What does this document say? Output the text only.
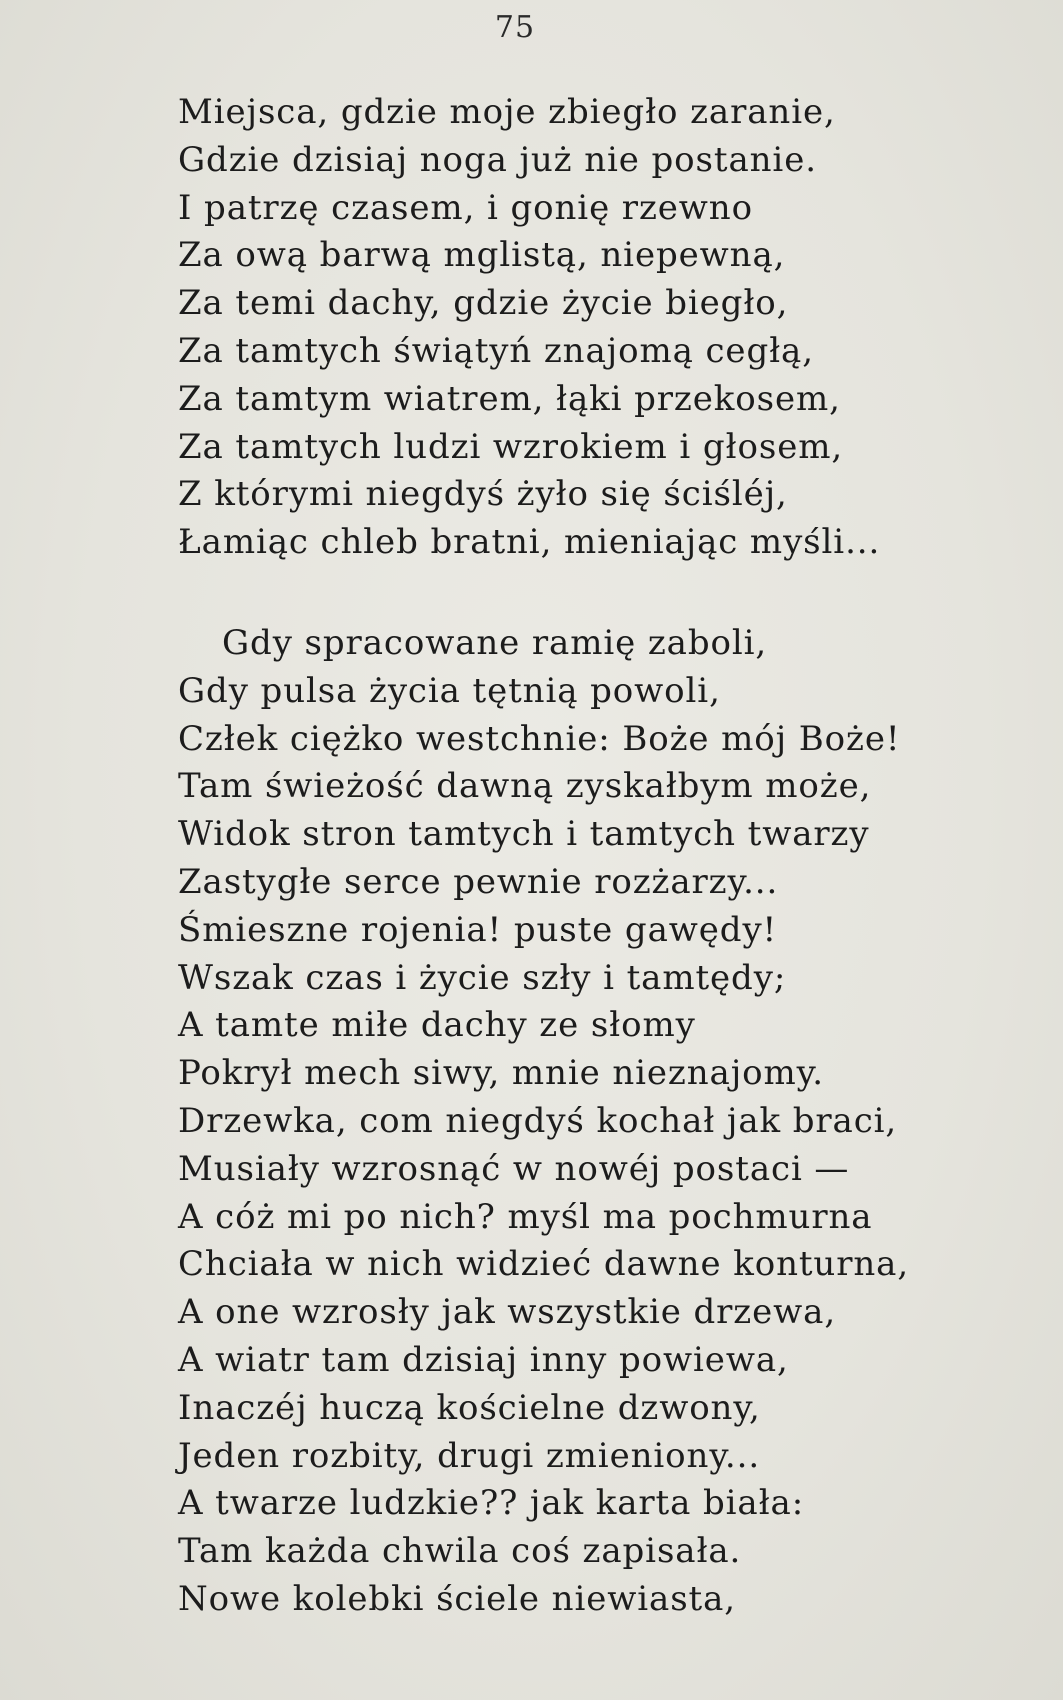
75
Miejsca, gdzie moje zbiegło zaranie,
Gdzie dzisiaj noga już nie postanie.
I patrzę czasem, i gonię rzewno
Za ową barwą mglistą, niepewną,
Za temi dachy, gdzie życie biegło,
Za tamtych świątyń znajomą cegłą,
Za tamtym wiatrem, łąki przekosem,
Za tamtych ludzi wzrokiem i głosem,
Z którymi niegdyś żyło się ściśléj,
Łamiąc chleb bratni, mieniając myśli...
Gdy spracowane ramię zaboli,
Gdy pulsa życia tętnią powoli,
Człek ciężko westchnie: Boże mój Boże!
Tam świeżość dawną zyskałbym może,
Widok stron tamtych i tamtych twarzy
Zastygłe serce pewnie rozżarzy...
Śmieszne rojenia! puste gawędy!
Wszak czas i życie szły i tamtędy;
A tamte miłe dachy ze słomy
Pokrył mech siwy, mnie nieznajomy.
Drzewka, com niegdyś kochał jak braci,
Musiały wzrosnąć w nowéj postaci —
A cóż mi po nich? myśl ma pochmurna
Chciała w nich widzieć dawne konturna,
A one wzrosły jak wszystkie drzewa,
A wiatr tam dzisiaj inny powiewa,
Inaczéj huczą kościelne dzwony,
Jeden rozbity, drugi zmieniony...
A twarze ludzkie?? jak karta biała:
Tam każda chwila coś zapisała.
Nowe kolebki ściele niewiasta,
